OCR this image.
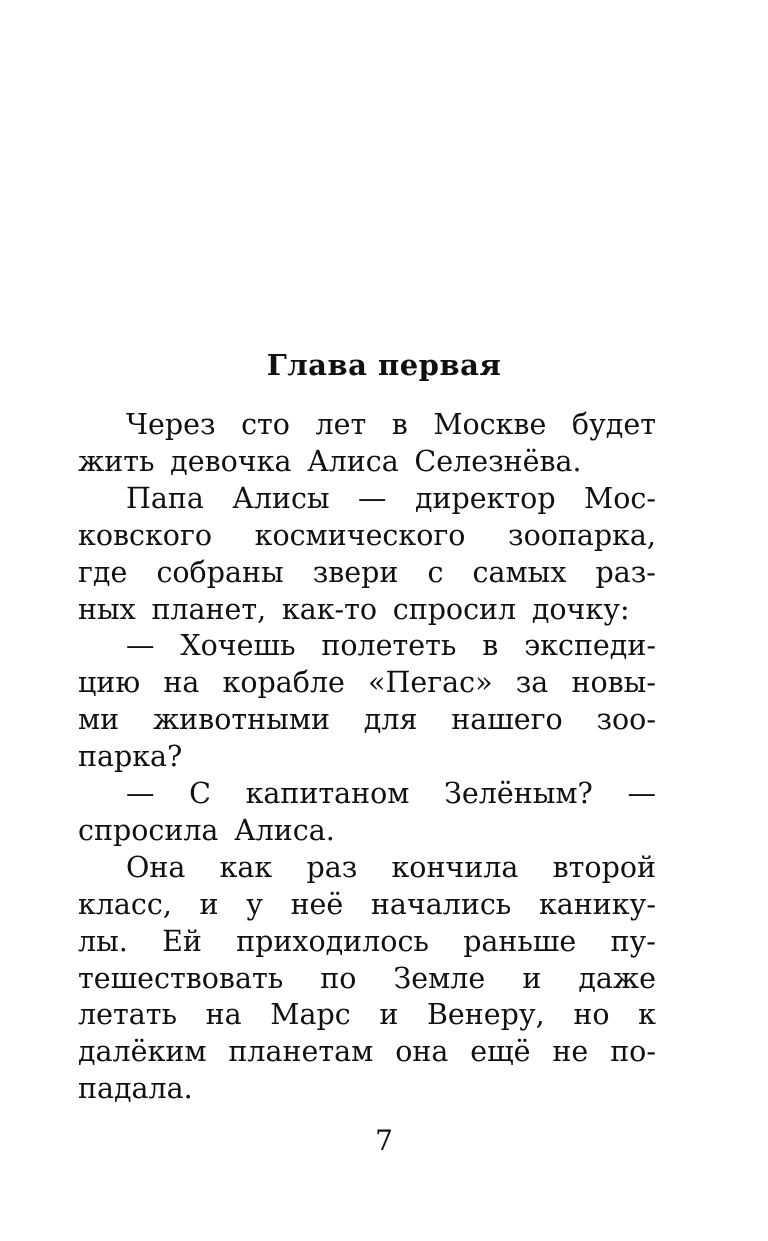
Глава первая
Через сто лет в Москве будет
жить девочка Алиса Селезнёва.
Папа Алисы — директор Мос-
ковского космического зоопарка,
где собраны звери с самых раз-
ных планет, как-то спросил дочку:
— Хочешь полететь в экспеди-
цию на корабле «Пегас» за новы-
ми животными для нашего зоо-
парка?
— С капитаном Зелёным? —
спросила Алиса.
Она как раз кончила второй
класс, и у неё начались канику-
лы. Ей приходилось раньше пу-
тешествовать по Земле и даже
летать на Марс и Венеру, но к
далёким планетам она ещё не по-
падала.
7
